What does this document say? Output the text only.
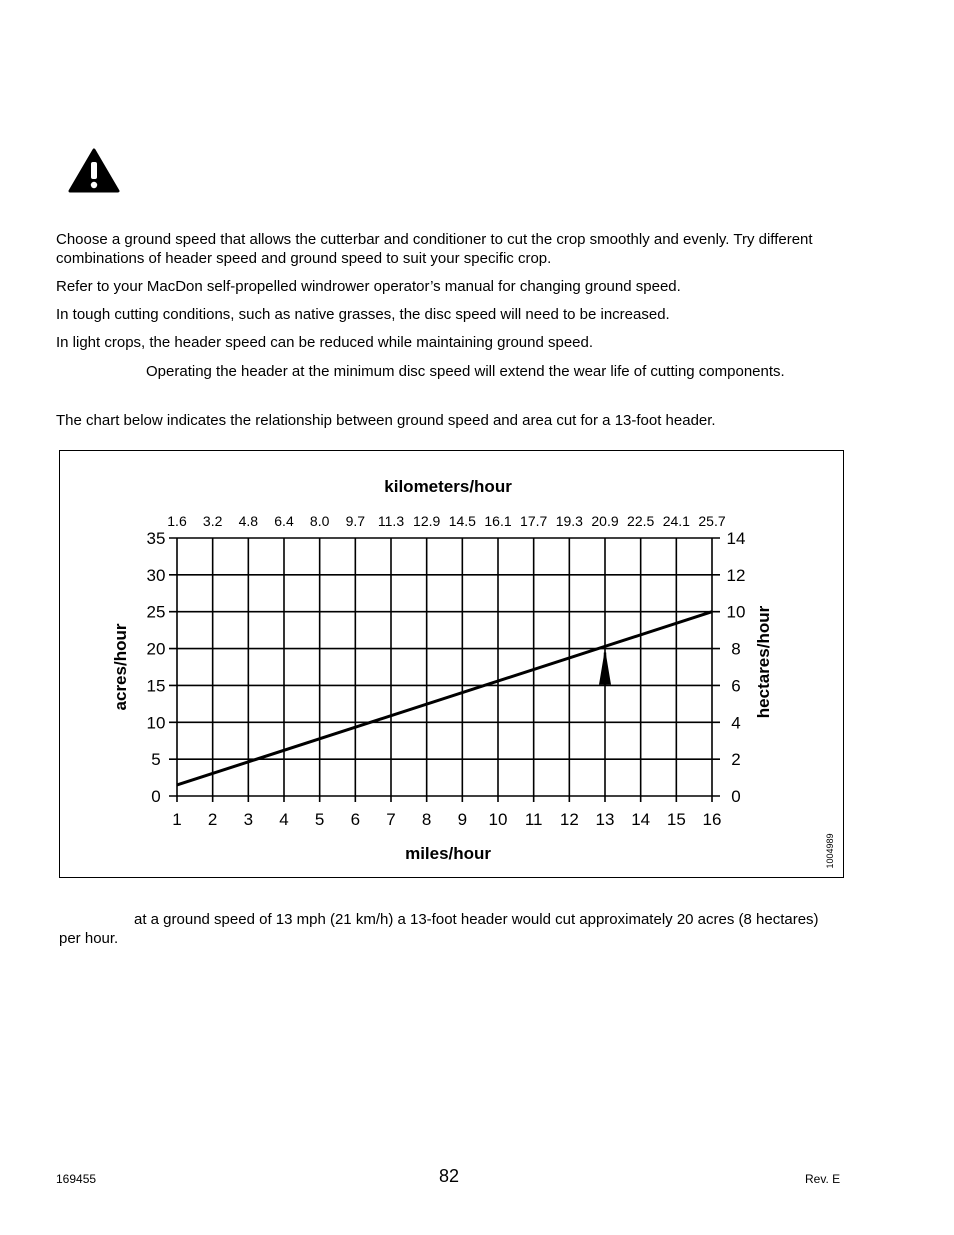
Choose a ground speed that allows the cutterbar and conditioner to cut the crop smoothly and evenly. Try different combinations of header speed and ground speed to suit your specific crop.

Refer to your MacDon self-propelled windrower operator’s manual for changing ground speed.

In tough cutting conditions, such as native grasses, the disc speed will need to be increased.

In light crops, the header speed can be reduced while maintaining ground speed.

Operating the header at the minimum disc speed will extend the wear life of cutting components.

The chart below indicates the relationship between ground speed and area cut for a 13-foot header.

1 2 3 4 5 6 7 8 9 10 11 12 13 14 15 16
1.6 3.2 4.8 6.4 8.0 9.7 11.3 12.9 14.5 16.1 17.7 19.3 20.9 22.5 24.1 25.7
0
5
10
15
20
25
30
35
0
2
4
6
8
10
12
14
miles/hour
kilometers/hour
acres/hour	hectares/hour
1004989

at a ground speed of 13 mph (21 km/h) a 13-foot header would cut approximately 20 acres (8 hectares)

per hour.

169455	82	Rev. E
